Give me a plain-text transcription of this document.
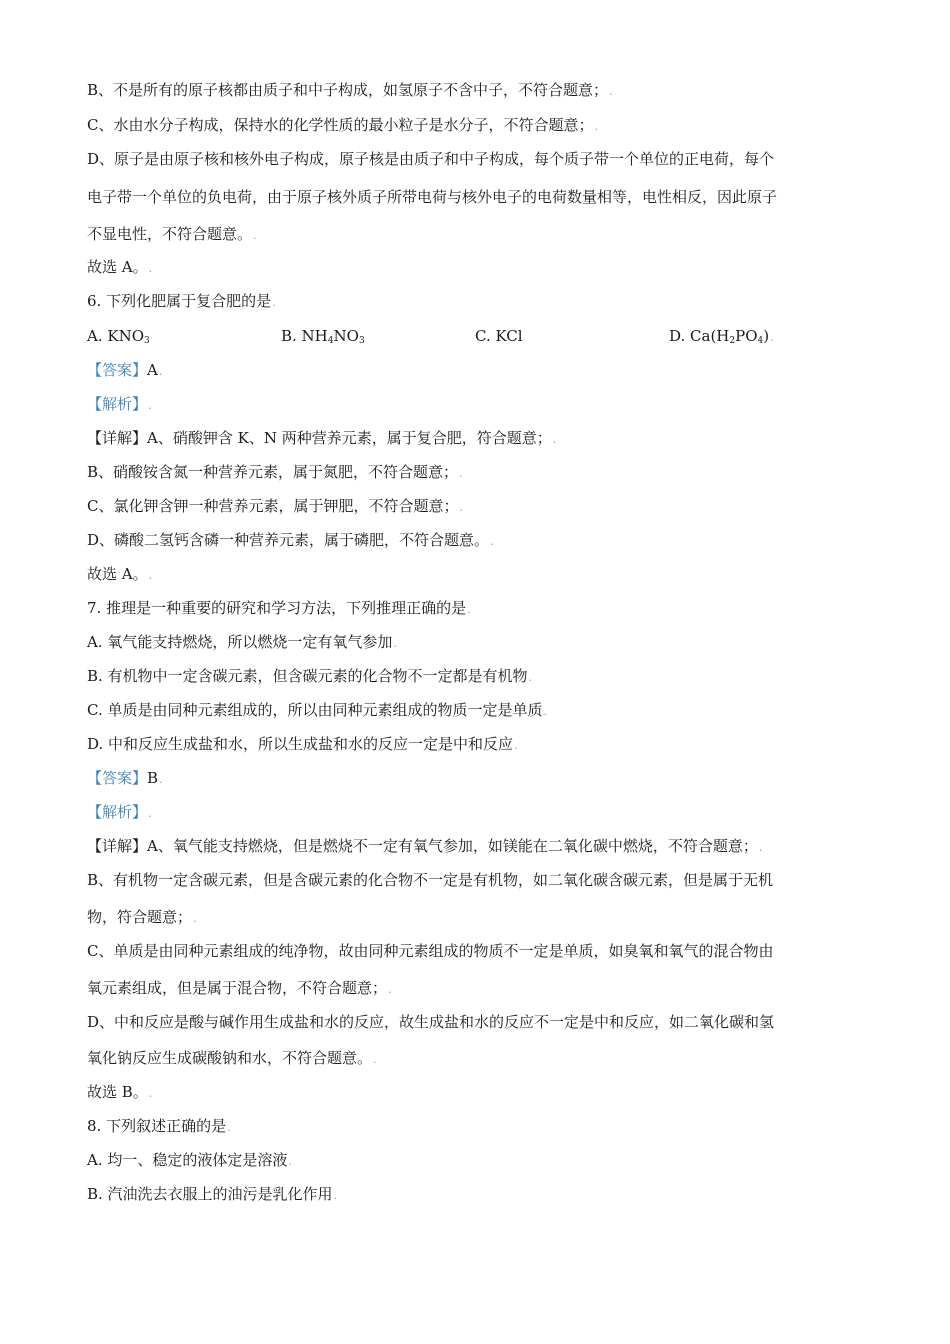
B、不是所有的原子核都由质子和中子构成，如氢原子不含中子，不符合题意；.
C、水由水分子构成，保持水的化学性质的最小粒子是水分子，不符合题意；.
D、原子是由原子核和核外电子构成，原子核是由质子和中子构成，每个质子带一个单位的正电荷，每个
电子带一个单位的负电荷，由于原子核外质子所带电荷与核外电子的电荷数量相等，电性相反，因此原子
不显电性，不符合题意。.
故选 A。.
6. 下列化肥属于复合肥的是.
A. $KNO_3$	B. $NH_4NO_3$	C. KCl	D. $Ca(H_2PO_4)$.
【答案】A.
【解析】.
【详解】A、硝酸钾含 K、N 两种营养元素，属于复合肥，符合题意；.
B、硝酸铵含氮一种营养元素，属于氮肥，不符合题意；.
C、氯化钾含钾一种营养元素，属于钾肥，不符合题意；.
D、磷酸二氢钙含磷一种营养元素，属于磷肥，不符合题意。.
故选 A。.
7. 推理是一种重要的研究和学习方法，下列推理正确的是.
A. 氧气能支持燃烧，所以燃烧一定有氧气参加.
B. 有机物中一定含碳元素，但含碳元素的化合物不一定都是有机物.
C. 单质是由同种元素组成的，所以由同种元素组成的物质一定是单质.
D. 中和反应生成盐和水，所以生成盐和水的反应一定是中和反应.
【答案】B.
【解析】.
【详解】A、氧气能支持燃烧，但是燃烧不一定有氧气参加，如镁能在二氧化碳中燃烧，不符合题意；.
B、有机物一定含碳元素，但是含碳元素的化合物不一定是有机物，如二氧化碳含碳元素，但是属于无机
物，符合题意；.
C、单质是由同种元素组成的纯净物，故由同种元素组成的物质不一定是单质，如臭氧和氧气的混合物由
氧元素组成，但是属于混合物，不符合题意；.
D、中和反应是酸与碱作用生成盐和水的反应，故生成盐和水的反应不一定是中和反应，如二氧化碳和氢
氧化钠反应生成碳酸钠和水，不符合题意。.
故选 B。.
8. 下列叙述正确的是.
A. 均一、稳定的液体定是溶液.
B. 汽油洗去衣服上的油污是乳化作用.
